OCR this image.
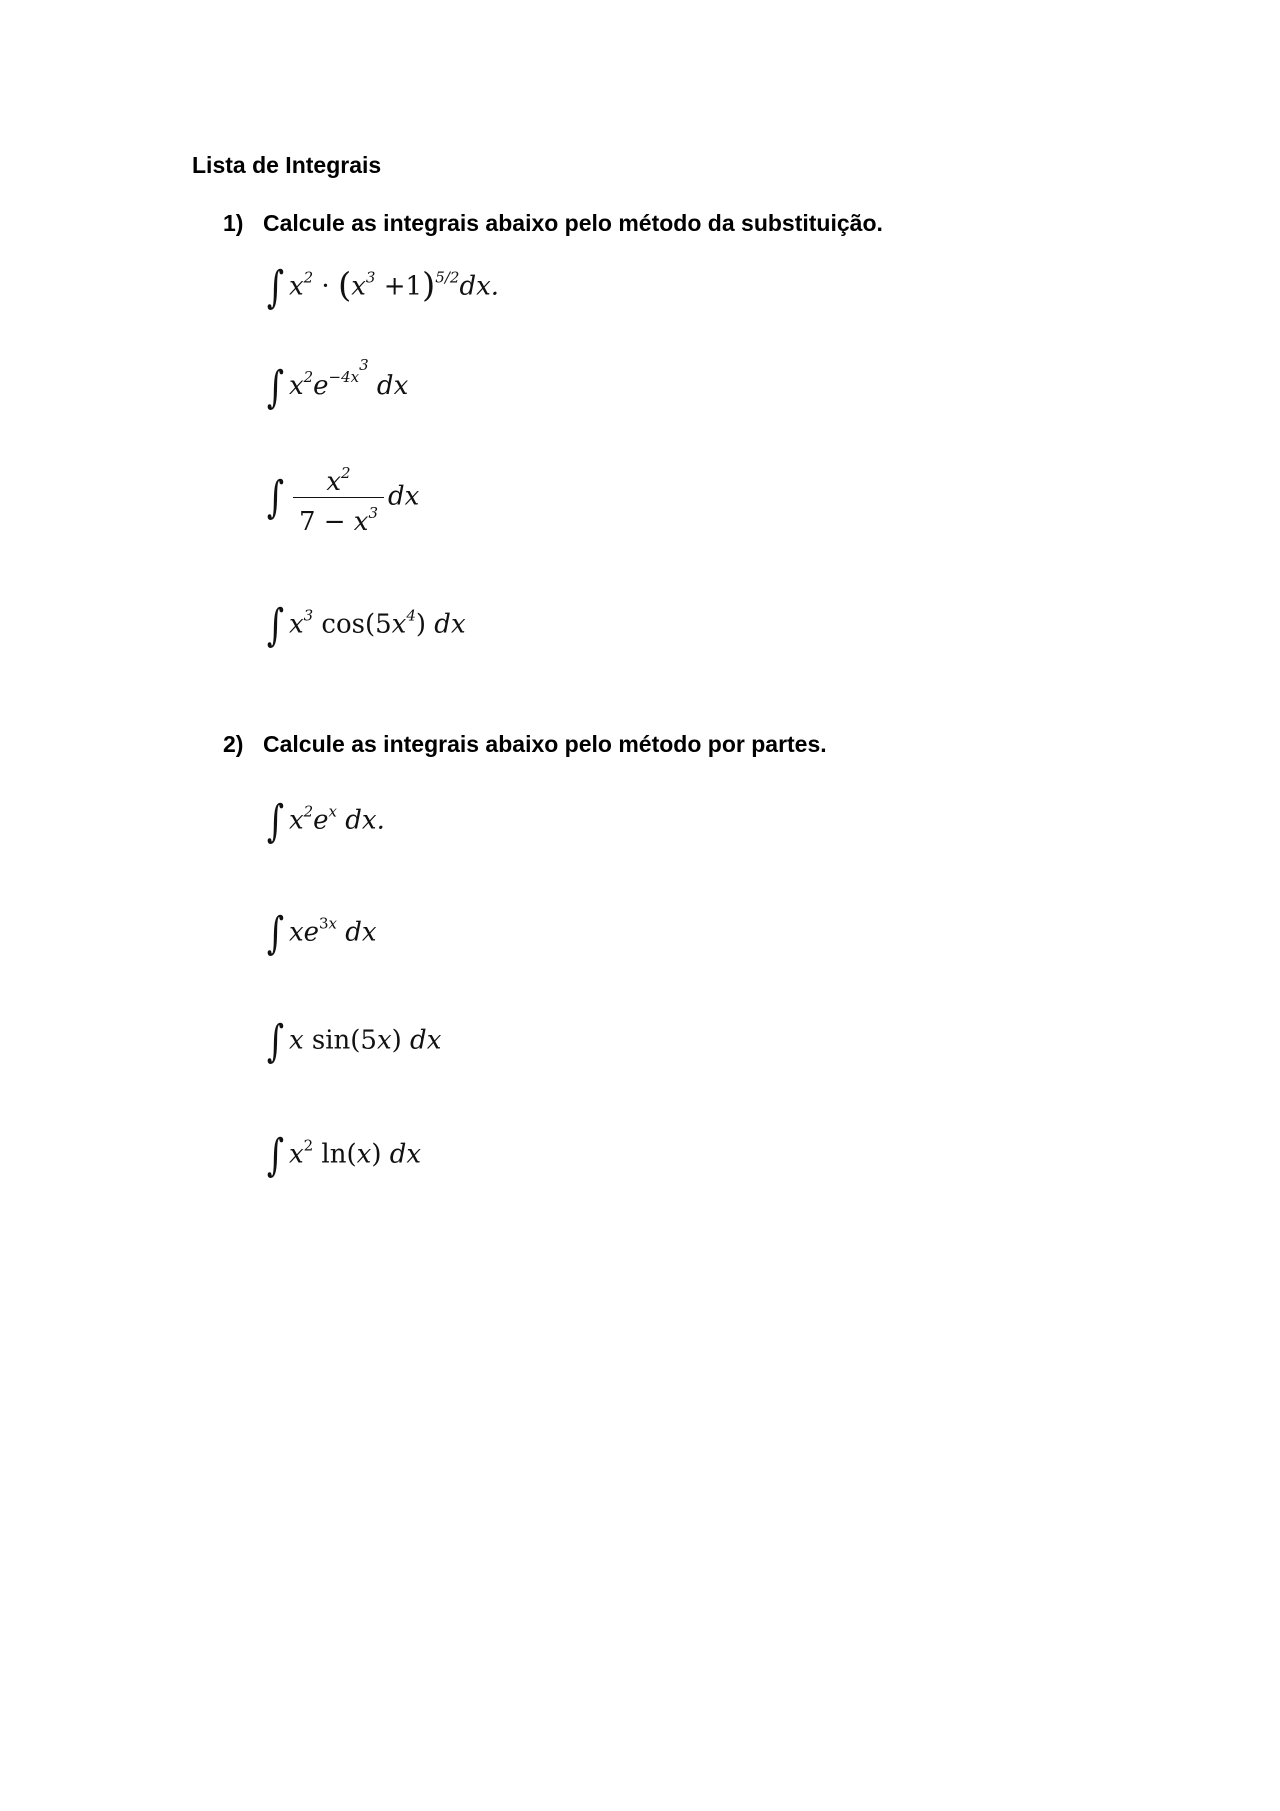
Lista de Integrais
1) Calcule as integrais abaixo pelo método da substituição.
∫ $x^2 \cdot (x^3 +1)^{5/2}dx$.
∫ $x^2e^{-4x^3}$ dx
∫ $\frac{x^2}{7 - x^3}$ dx
∫ $x^3$ $\cos(5x^4)$ dx
2) Calcule as integrais abaixo pelo método por partes.
∫ $x^2e^x$ dx.
∫ $xe^{3x}$ dx
∫ x sin(5x) dx
∫ $x^2$ ln(x) dx
